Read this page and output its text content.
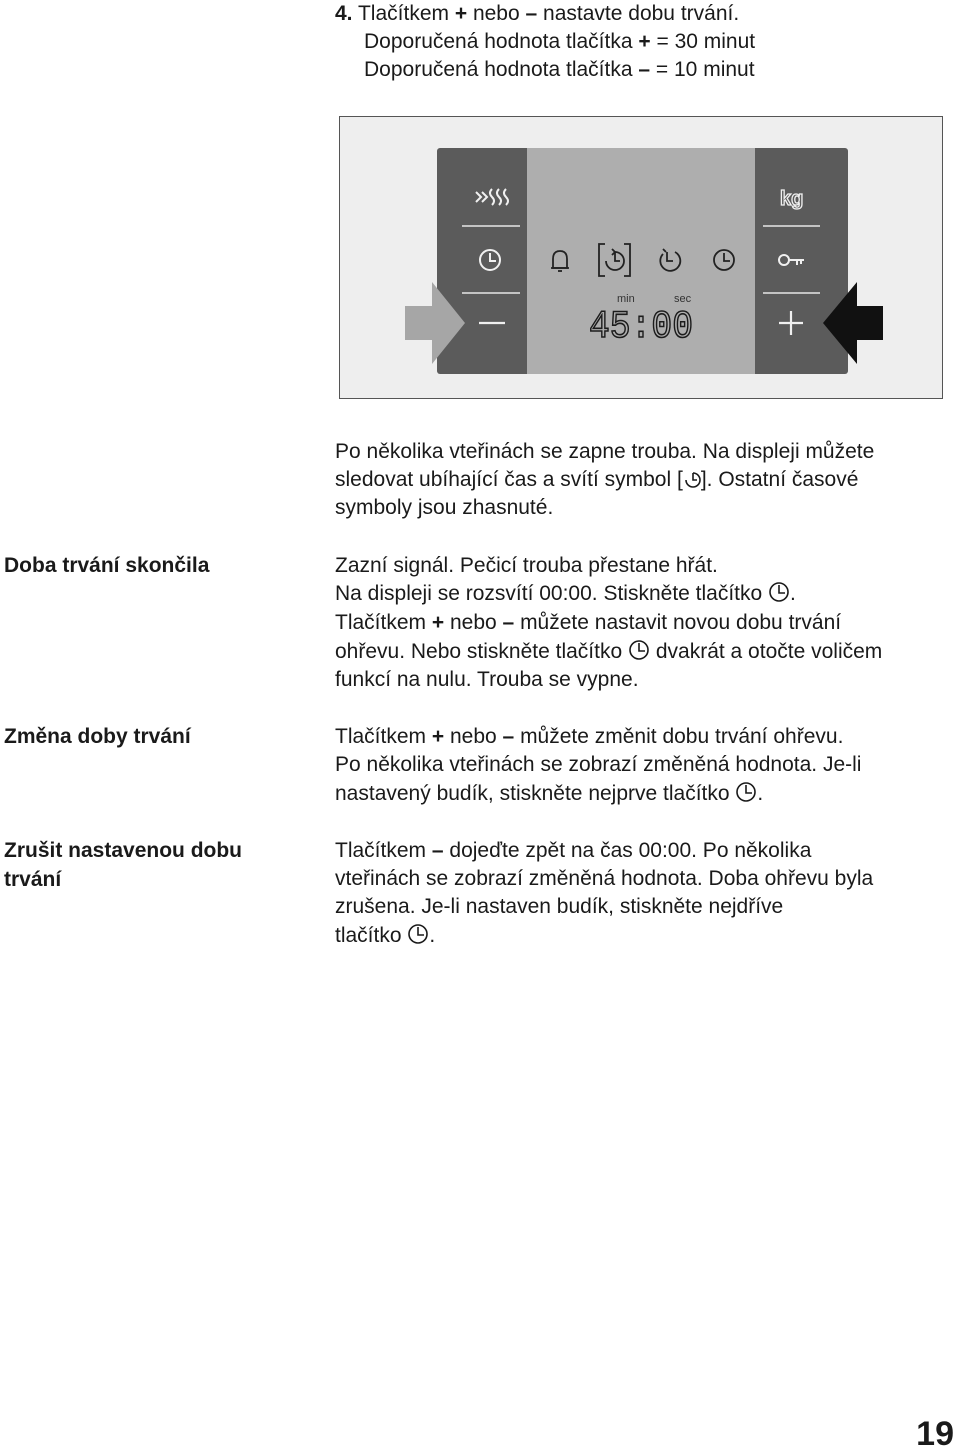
4. Tlačítkem + nebo – nastavte dobu trvání.
Doporučená hodnota tlačítka + = 30 minut
Doporučená hodnota tlačítka – = 10 minut
kg
min	sec
45:00
Po několika vteřinách se zapne trouba. Na displeji můžete
sledovat ubíhající čas a svítí symbol [ ]. Ostatní časové
symboly jsou zhasnuté.
Doba trvání skončila	Zazní signál. Pečicí trouba přestane hřát.
Na displeji se rozsvítí 00:00. Stiskněte tlačítko .
Tlačítkem + nebo – můžete nastavit novou dobu trvání
ohřevu. Nebo stiskněte tlačítko dvakrát a otočte voličem
funkcí na nulu. Trouba se vypne.
Změna doby trvání	Tlačítkem + nebo – můžete změnit dobu trvání ohřevu.
Po několika vteřinách se zobrazí změněná hodnota. Je-li
nastavený budík, stiskněte nejprve tlačítko .
Zrušit nastavenou dobu
trvání
Tlačítkem – dojeďte zpět na čas 00:00. Po několika
vteřinách se zobrazí změněná hodnota. Doba ohřevu byla
zrušena. Je-li nastaven budík, stiskněte nejdříve
tlačítko .
19
